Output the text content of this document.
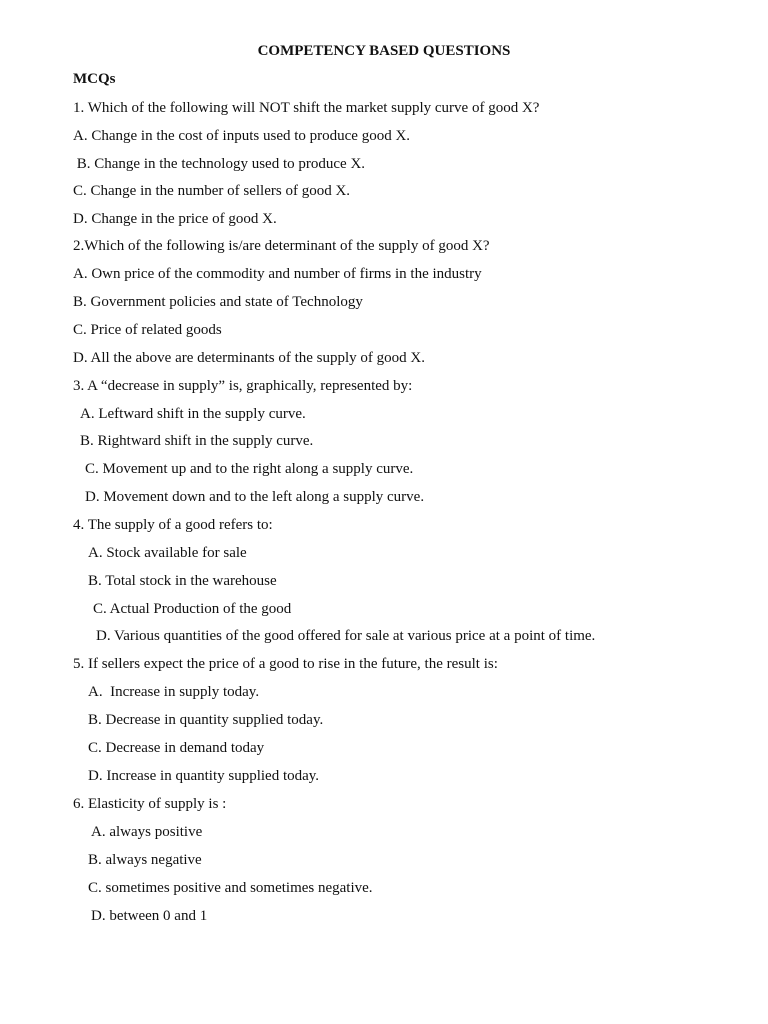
COMPETENCY BASED QUESTIONS
MCQs
1. Which of the following will NOT shift the market supply curve of good X?
A. Change in the cost of inputs used to produce good X.
B. Change in the technology used to produce X.
C. Change in the number of sellers of good X.
D. Change in the price of good X.
2.Which of the following is/are determinant of the supply of good X?
A. Own price of the commodity and number of firms in the industry
B. Government policies and state of Technology
C. Price of related goods
D. All the above are determinants of the supply of good X.
3. A “decrease in supply” is, graphically, represented by:
A. Leftward shift in the supply curve.
B. Rightward shift in the supply curve.
C. Movement up and to the right along a supply curve.
D. Movement down and to the left along a supply curve.
4. The supply of a good refers to:
A. Stock available for sale
B. Total stock in the warehouse
C. Actual Production of the good
D. Various quantities of the good offered for sale at various price at a point of time.
5. If sellers expect the price of a good to rise in the future, the result is:
A.  Increase in supply today.
B. Decrease in quantity supplied today.
C. Decrease in demand today
D. Increase in quantity supplied today.
6. Elasticity of supply is :
A. always positive
B. always negative
C. sometimes positive and sometimes negative.
D. between 0 and 1
